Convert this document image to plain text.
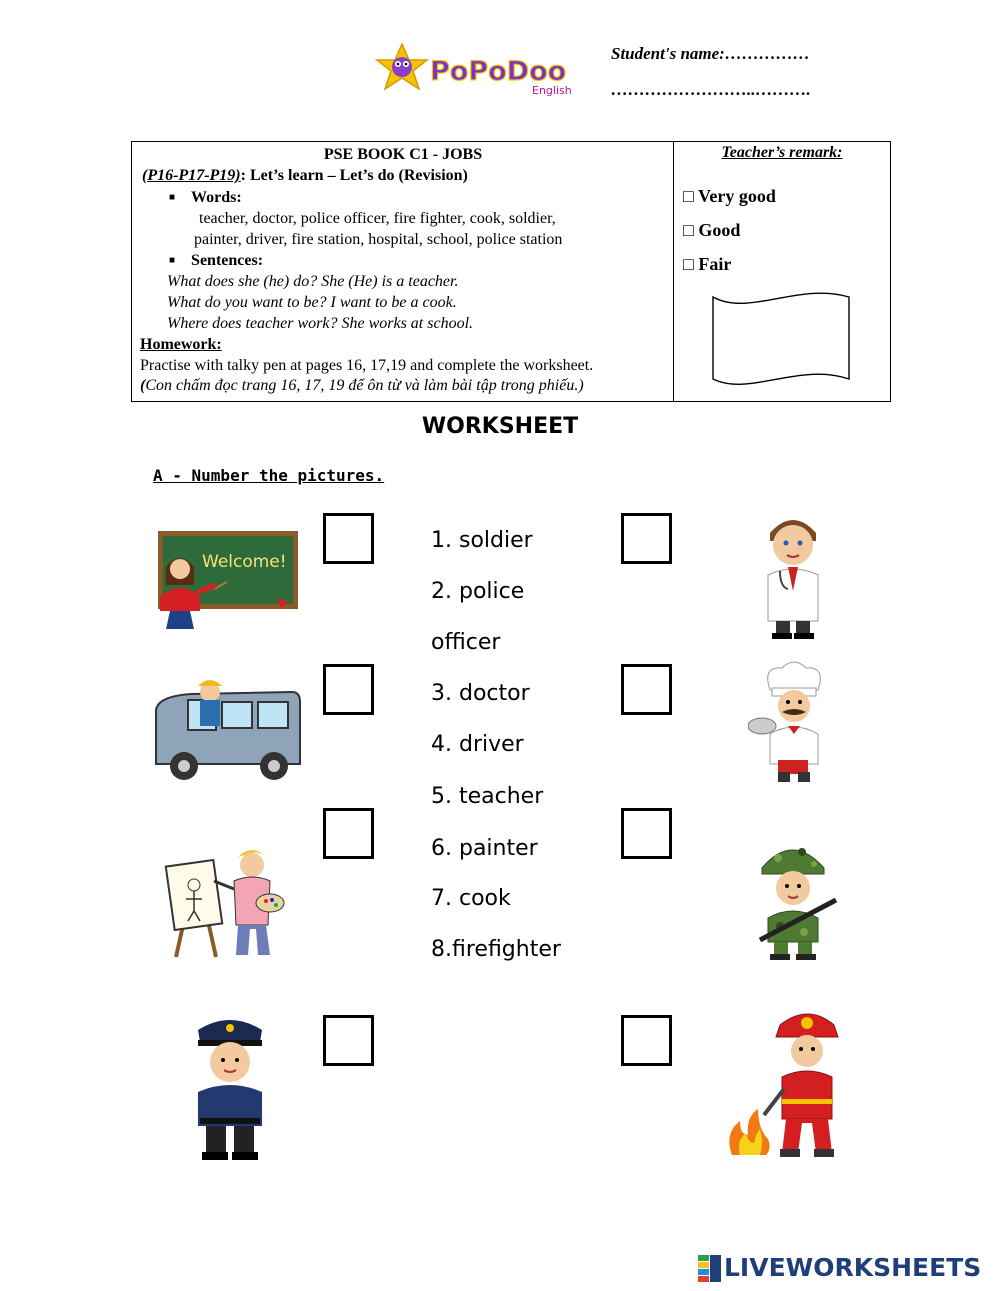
PoPoDoo
English
Student's name:……………
……………………..……….
PSE BOOK C1 - JOBS
(P16-P17-P19): Let’s learn – Let’s do (Revision)
■ Words:
teacher, doctor, police officer, fire fighter, cook, soldier,
painter, driver, fire station, hospital, school, police station
■ Sentences:
What does she (he) do? She (He) is a teacher.
What do you want to be? I want to be a cook.
Where does teacher work? She works at school.
Homework:
Practise with talky pen at pages 16, 17,19 and complete the worksheet.
(Con chấm đọc trang 16, 17, 19 để ôn từ và làm bài tập trong phiếu.)
Teacher’s remark:
□ Very good
□ Good
□ Fair
WORKSHEET
A - Number the pictures.
1. soldier
2. police
officer
3. doctor
4. driver
5. teacher
6. painter
7. cook
8.firefighter
Welcome!
LIVEWORKSHEETS
